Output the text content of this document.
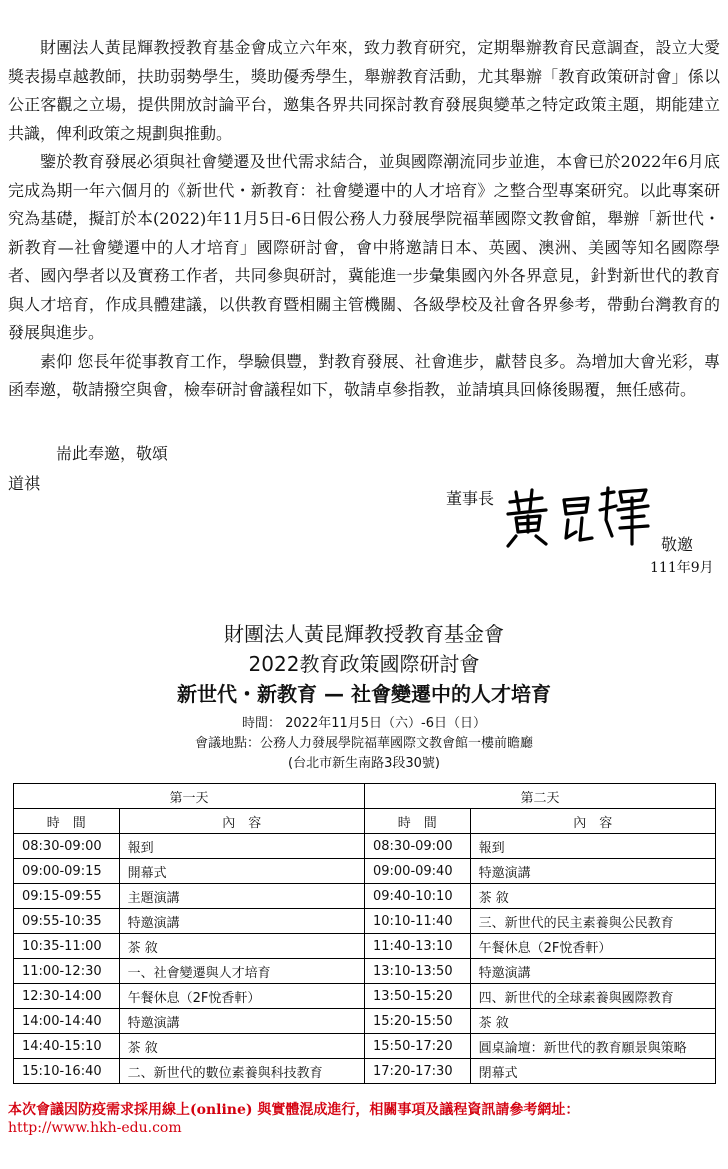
財團法人黃昆輝教授教育基金會成立六年來，致力教育研究，定期舉辦教育民意調查，設立大愛獎表揚卓越教師，扶助弱勢學生，獎助優秀學生，舉辦教育活動，尤其舉辦「教育政策研討會」係以公正客觀之立場，提供開放討論平台，邀集各界共同探討教育發展與變革之特定政策主題，期能建立共識，俾利政策之規劃與推動。

鑒於教育發展必須與社會變遷及世代需求結合，並與國際潮流同步並進，本會已於2022年6月底完成為期一年六個月的《新世代・新教育：社會變遷中的人才培育》之整合型專案研究。以此專案研究為基礎，擬訂於本(2022)年11月5日-6日假公務人力發展學院福華國際文教會館，舉辦「新世代・新教育—社會變遷中的人才培育」國際研討會，會中將邀請日本、英國、澳洲、美國等知名國際學者、國內學者以及實務工作者，共同參與研討，冀能進一步彙集國內外各界意見，針對新世代的教育與人才培育，作成具體建議，以供教育暨相關主管機關、各級學校及社會各界參考，帶動台灣教育的發展與進步。

素仰 您長年從事教育工作，學驗俱豐，對教育發展、社會進步，獻替良多。為增加大會光彩，專函奉邀，敬請撥空與會，檢奉研討會議程如下，敬請卓參指教，並請填具回條後賜覆，無任感荷。

耑此奉邀，敬頌
道祺
董事長
敬邀
111年9月
財團法人黃昆輝教授教育基金會
2022教育政策國際研討會
新世代・新教育 — 社會變遷中的人才培育
時間： 2022年11月5日（六）-6日（日）
會議地點：公務人力發展學院福華國際文教會館一樓前瞻廳
(台北市新生南路3段30號)
第一天		第二天	
時　間	內　容	時　間	內　容
08:30-09:00	報到	08:30-09:00	報到
09:00-09:15	開幕式	09:00-09:40	特邀演講
09:15-09:55	主題演講	09:40-10:10	茶 敘
09:55-10:35	特邀演講	10:10-11:40	三、新世代的民主素養與公民教育
10:35-11:00	茶 敘	11:40-13:10	午餐休息（2F悅香軒）
11:00-12:30	一、社會變遷與人才培育	13:10-13:50	特邀演講
12:30-14:00	午餐休息（2F悅香軒）	13:50-15:20	四、新世代的全球素養與國際教育
14:00-14:40	特邀演講	15:20-15:50	茶 敘
14:40-15:10	茶 敘	15:50-17:20	圓桌論壇：新世代的教育願景與策略
15:10-16:40	二、新世代的數位素養與科技教育	17:20-17:30	閉幕式
本次會議因防疫需求採用線上(online) 與實體混成進行，相關事項及議程資訊請參考網址：
http://www.hkh-edu.com
